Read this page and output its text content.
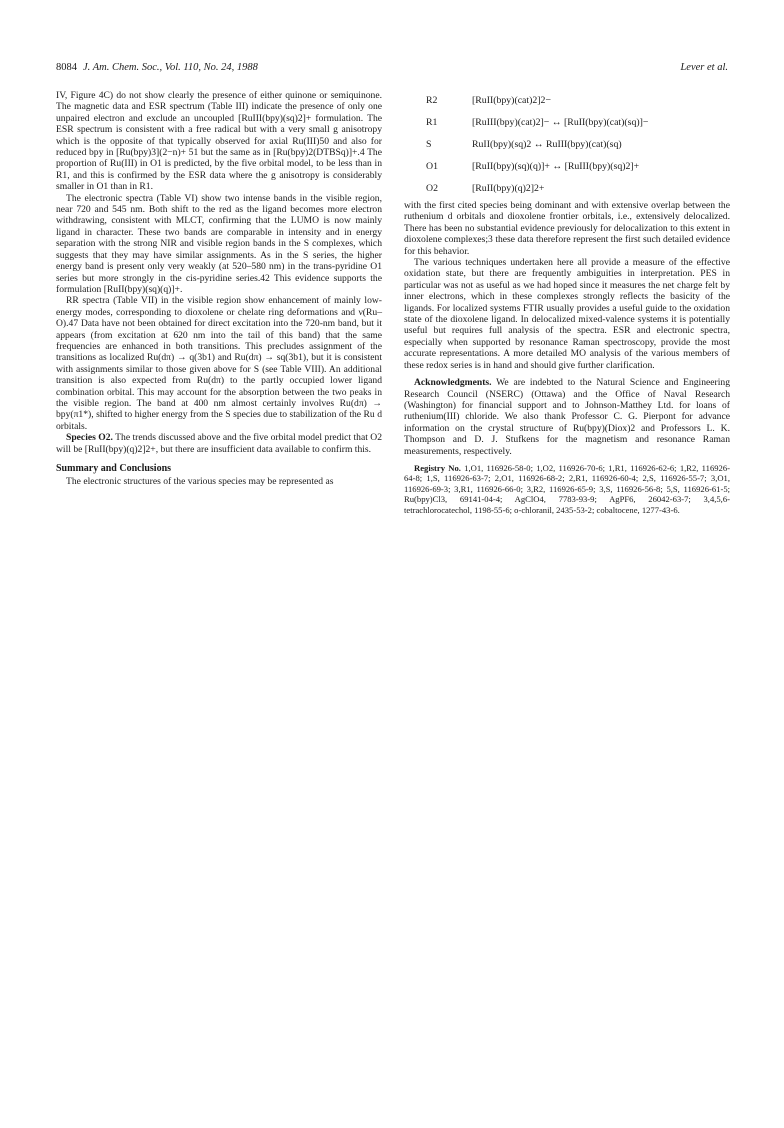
8084 J. Am. Chem. Soc., Vol. 110, No. 24, 1988	Lever et al.

IV, Figure 4C) do not show clearly the presence of either quinone or semiquinone. The magnetic data and ESR spectrum (Table III) indicate the presence of only one unpaired electron and exclude an uncoupled [RuIII(bpy)(sq)2]+ formulation. The ESR spectrum is consistent with a free radical but with a very small g anisotropy which is the opposite of that typically observed for axial Ru(III)50 and also for reduced bpy in [Ru(bpy)3](2−n)+ 51 but the same as in [Ru(bpy)2(DTBSq)]+.4 The proportion of Ru(III) in O1 is predicted, by the five orbital model, to be less than in R1, and this is confirmed by the ESR data where the g anisotropy is considerably smaller in O1 than in R1.

The electronic spectra (Table VI) show two intense bands in the visible region, near 720 and 545 nm. Both shift to the red as the ligand becomes more electron withdrawing, consistent with MLCT, confirming that the LUMO is now mainly ligand in character. These two bands are comparable in intensity and in energy separation with the strong NIR and visible region bands in the S complexes, which suggests that they may have similar assignments. As in the S series, the higher energy band is present only very weakly (at 520–580 nm) in the trans-pyridine O1 series but more strongly in the cis-pyridine series.42 This evidence supports the formulation [RuII(bpy)(sq)(q)]+.

RR spectra (Table VII) in the visible region show enhancement of mainly low-energy modes, corresponding to dioxolene or chelate ring deformations and ν(Ru–O).47 Data have not been obtained for direct excitation into the 720-nm band, but it appears (from excitation at 620 nm into the tail of this band) that the same frequencies are enhanced in both transitions. This precludes assignment of the transitions as localized Ru(dπ) → q(3b1) and Ru(dπ) → sq(3b1), but it is consistent with assignments similar to those given above for S (see Table VIII). An additional transition is also expected from Ru(dπ) to the partly occupied lower ligand combination orbital. This may account for the absorption between the two peaks in the visible region. The band at 400 nm almost certainly involves Ru(dπ) → bpy(π1*), shifted to higher energy from the S species due to stabilization of the Ru d orbitals.

Species O2. The trends discussed above and the five orbital model predict that O2 will be [RuII(bpy)(q)2]2+, but there are insufficient data available to confirm this.

Summary and Conclusions

The electronic structures of the various species may be represented as

R2	[RuII(bpy)(cat)2]2−
R1	[RuIII(bpy)(cat)2]− ↔ [RuII(bpy)(cat)(sq)]−
S	RuII(bpy)(sq)2 ↔ RuIII(bpy)(cat)(sq)
O1	[RuII(bpy)(sq)(q)]+ ↔ [RuIII(bpy)(sq)2]+
O2	[RuII(bpy)(q)2]2+

with the first cited species being dominant and with extensive overlap between the ruthenium d orbitals and dioxolene frontier orbitals, i.e., extensively delocalized. There has been no substantial evidence previously for delocalization to this extent in dioxolene complexes;3 these data therefore represent the first such detailed evidence for this behavior.

The various techniques undertaken here all provide a measure of the effective oxidation state, but there are frequently ambiguities in interpretation. PES in particular was not as useful as we had hoped since it measures the net charge felt by inner electrons, which in these complexes strongly reflects the basicity of the ligands. For localized systems FTIR usually provides a useful guide to the oxidation state of the dioxolene ligand. In delocalized mixed-valence systems it is potentially useful but requires full analysis of the spectra. ESR and electronic spectra, especially when supported by resonance Raman spectroscopy, provide the most accurate representations. A more detailed MO analysis of the various members of these redox series is in hand and should give further clarification.

Acknowledgments. We are indebted to the Natural Science and Engineering Research Council (NSERC) (Ottawa) and the Office of Naval Research (Washington) for financial support and to Johnson-Matthey Ltd. for loans of ruthenium(III) chloride. We also thank Professor C. G. Pierpont for advance information on the crystal structure of Ru(bpy)(Diox)2 and Professors L. K. Thompson and D. J. Stufkens for the magnetism and resonance Raman measurements, respectively.

Registry No. 1,O1, 116926-58-0; 1,O2, 116926-70-6; 1,R1, 116926-62-6; 1,R2, 116926-64-8; 1,S, 116926-63-7; 2,O1, 116926-68-2; 2,R1, 116926-60-4; 2,S, 116926-55-7; 3,O1, 116926-69-3; 3,R1, 116926-66-0; 3,R2, 116926-65-9; 3,S, 116926-56-8; 5,S, 116926-61-5; Ru(bpy)Cl3, 69141-04-4; AgClO4, 7783-93-9; AgPF6, 26042-63-7; 3,4,5,6-tetrachlorocatechol, 1198-55-6; o-chloranil, 2435-53-2; cobaltocene, 1277-43-6.
